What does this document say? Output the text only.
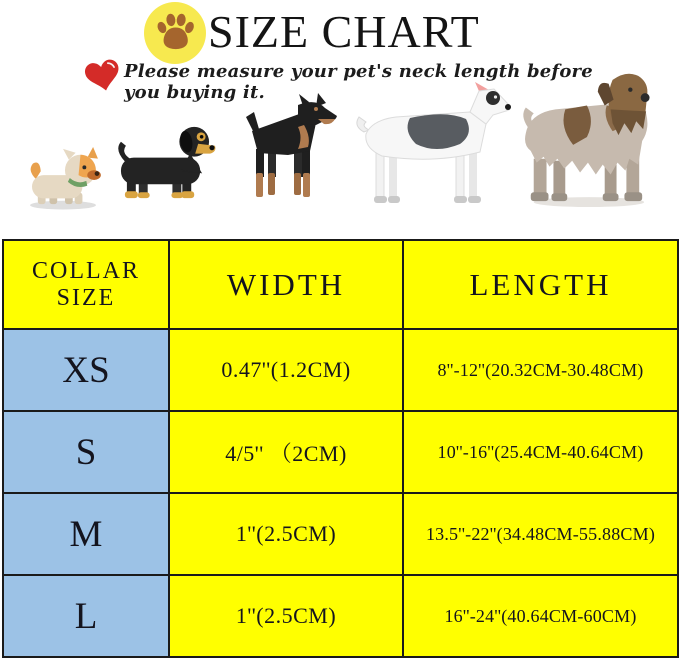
SIZE CHART
Please measure your pet's neck length before you buying it.
COLLAR SIZE	WIDTH	LENGTH
XS	0.47''(1.2CM)	8''-12''(20.32CM-30.48CM)
S	4/5'' （2CM)	10''-16''(25.4CM-40.64CM)
M	1''(2.5CM)	13.5''-22''(34.48CM-55.88CM)
L	1''(2.5CM)	16''-24''(40.64CM-60CM)
